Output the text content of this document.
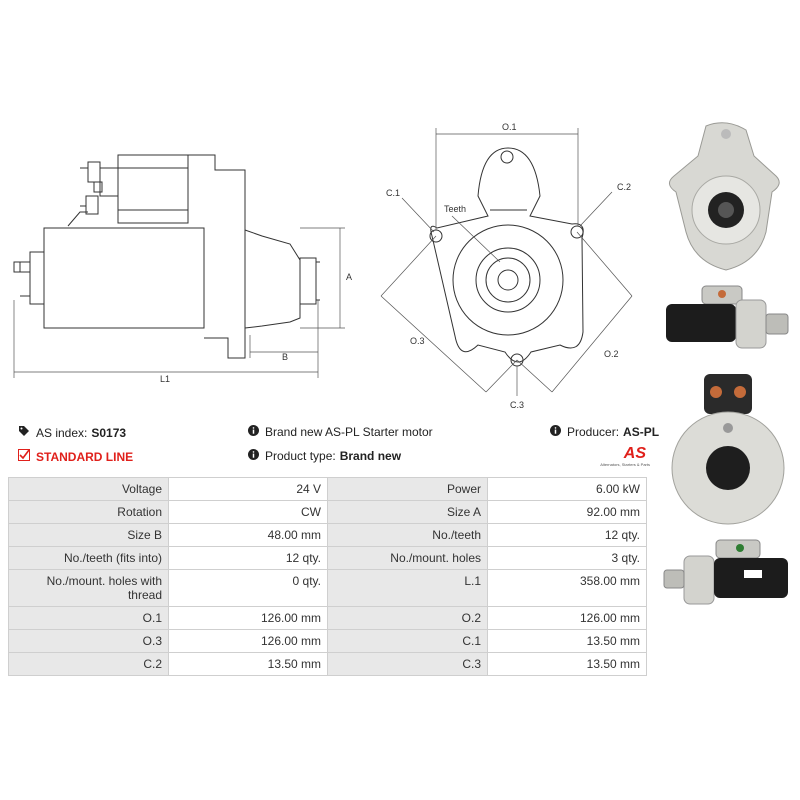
L1
B
A
O.1
C.1
C.2
Teeth
O.3
O.2
C.3
AS index: S0173
STANDARD LINE
Brand new AS-PL Starter motor
Product type: Brand new
Producer: AS-PL
AS
Alternators, Starters & Parts
Voltage	24 V	Power	6.00 kW
Rotation	CW	Size A	92.00 mm
Size B	48.00 mm	No./teeth	12 qty.
No./teeth (fits into)	12 qty.	No./mount. holes	3 qty.
No./mount. holes with thread	0 qty.	L.1	358.00 mm
O.1	126.00 mm	O.2	126.00 mm
O.3	126.00 mm	C.1	13.50 mm
C.2	13.50 mm	C.3	13.50 mm
